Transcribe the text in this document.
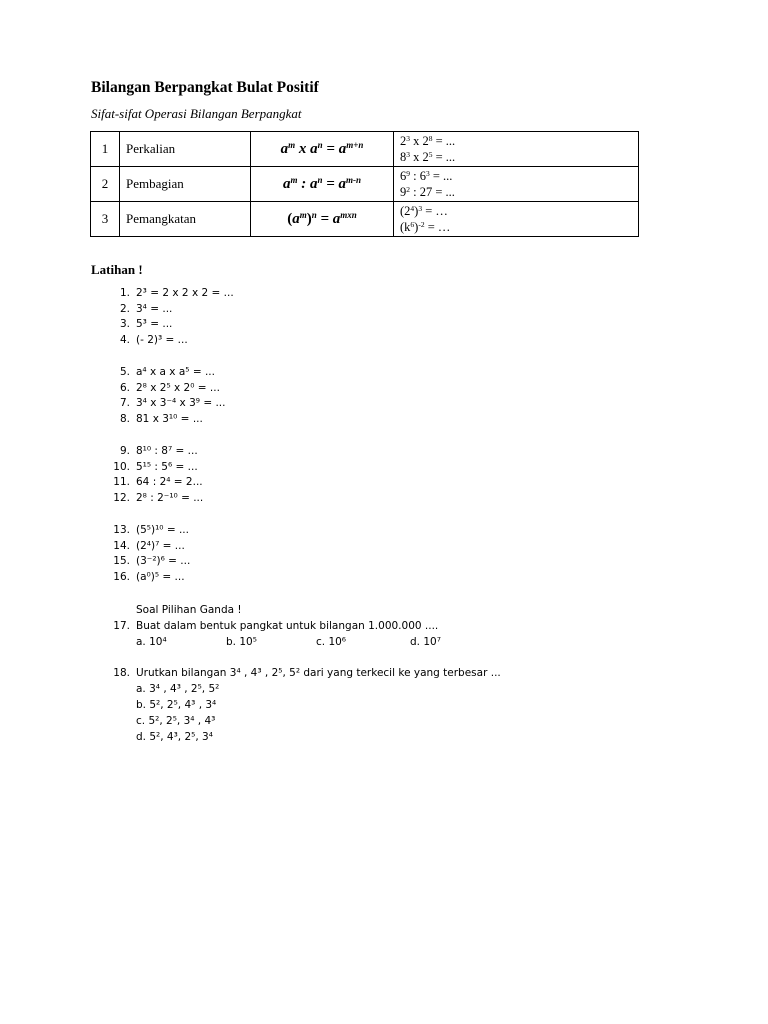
Bilangan Berpangkat Bulat Positif
Sifat-sifat Operasi Bilangan Berpangkat
1	Perkalian	$a^m$ x $a^n = a^{m+n}$	$2^3$ x $2^8$ = ...
$8^3$ x $2^5$ = ...
2	Pembagian	$a^m$ : $a^n = a^{m-n}$	$6^9$ : $6^3$ = ...
$9^2$ : 27 = ...
3	Pemangkatan	$(a^m)^n = a^{mxn}$	$(2^4)^3$ = …
$(k^6)^{-2}$ = …
Latihan !
1. 2³ = 2 x 2 x 2 = ...
2. 3⁴ = ...
3. 5³ = ...
4. (- 2)³ = ...
5. a⁴ x a x a⁵ = ...
6. 2⁸ x 2⁵ x 2⁰ = ...
7. 3⁴ x 3⁻⁴ x 3⁹ = ...
8. 81 x 3¹⁰ = ...
9. 8¹⁰ : 8⁷ = ...
10. 5¹⁵ : 5⁶ = ...
11. 64 : 2⁴ = 2...
12. 2⁸ : 2⁻¹⁰ = ...
13. (5⁵)¹⁰ = ...
14. (2⁴)⁷ = ...
15. (3⁻²)⁶ = ...
16. (a⁰)⁵ = ...
Soal Pilihan Ganda !
17. Buat dalam bentuk pangkat untuk bilangan 1.000.000 ....
a. 10⁴	b. 10⁵	c. 10⁶	d. 10⁷
18. Urutkan bilangan 3⁴ , 4³ , 2⁵, 5² dari yang terkecil ke yang terbesar ...
a. 3⁴ , 4³ , 2⁵, 5²
b. 5², 2⁵, 4³ , 3⁴
c. 5², 2⁵, 3⁴ , 4³
d. 5², 4³, 2⁵, 3⁴
